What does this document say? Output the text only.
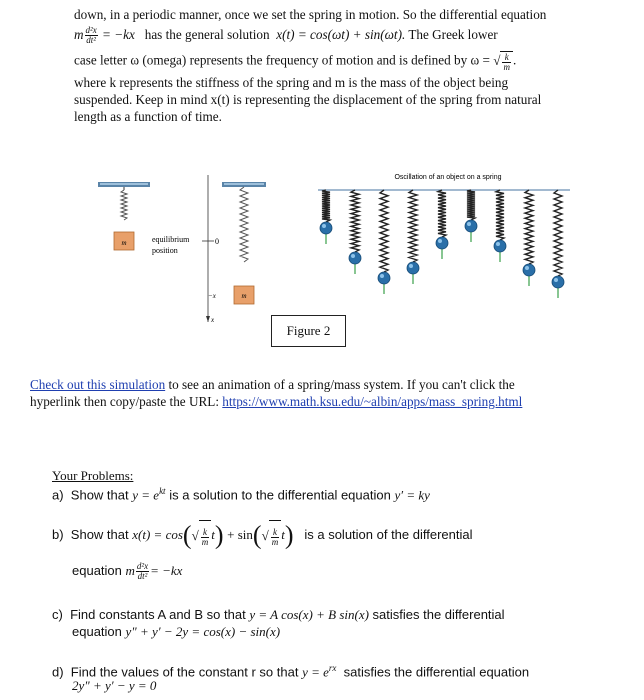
down, in a periodic manner, once we set the spring in motion. So the differential equation
m $\frac{\text{d²x}}{\text{dt²}} = -kx$ has the general solution x(t) = cos(ωt) + sin(ωt). The Greek lower
case letter ω (omega) represents the frequency of motion and is defined by ω = √ $\frac{k}{m}$ .
where k represents the stiffness of the spring and m is the mass of the object being
suspended. Keep in mind x(t) is representing the displacement of the spring from natural
length as a function of time.
m	equilibrium
position
0
−x
x
m
Oscillation of an object on a spring
Figure 2
Check out this simulation to see an animation of a spring/mass system. If you can't click the
hyperlink then copy/paste the URL: https://www.math.ksu.edu/~albin/apps/mass_spring.html
Your Problems:
a) Show that $y = e^{kt}$ is a solution to the differential equation y′ = ky
b) Show that $x(t) = \cos(√ \frac{k}{m} t) + \sin(√ \frac{k}{m} t)$ is a solution of the differential
equation m $\frac{\text{d²x}}{\text{dt²}} = -kx$
c) Find constants A and B so that y = A cos(x) + B sin(x) satisfies the differential
equation y" + y′ − 2y = cos(x) − sin(x)
d) Find the values of the constant r so that $y = e^{rx}$ satisfies the differential equation
2y" + y′ − y = 0
